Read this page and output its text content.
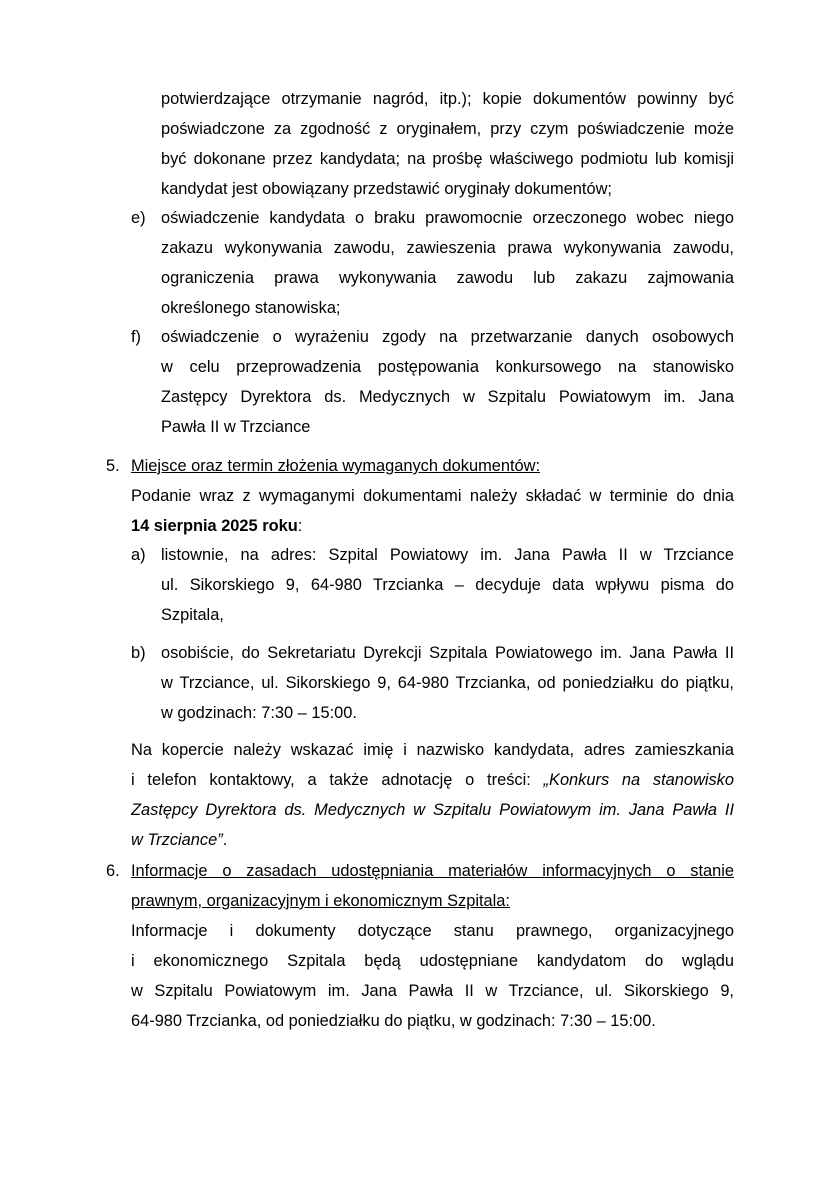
potwierdzające otrzymanie nagród, itp.); kopie dokumentów powinny być
poświadczone za zgodność z oryginałem, przy czym poświadczenie może
być dokonane przez kandydata; na prośbę właściwego podmiotu lub komisji
kandydat jest obowiązany przedstawić oryginały dokumentów;
e) oświadczenie kandydata o braku prawomocnie orzeczonego wobec niego
zakazu wykonywania zawodu, zawieszenia prawa wykonywania zawodu,
ograniczenia prawa wykonywania zawodu lub zakazu zajmowania
określonego stanowiska;
f) oświadczenie o wyrażeniu zgody na przetwarzanie danych osobowych
w celu przeprowadzenia postępowania konkursowego na stanowisko
Zastępcy Dyrektora ds. Medycznych w Szpitalu Powiatowym im. Jana
Pawła II w Trzciance
5. Miejsce oraz termin złożenia wymaganych dokumentów:
Podanie wraz z wymaganymi dokumentami należy składać w terminie do dnia
14 sierpnia 2025 roku:
a) listownie, na adres: Szpital Powiatowy im. Jana Pawła II w Trzciance
ul. Sikorskiego 9, 64-980 Trzcianka – decyduje data wpływu pisma do
Szpitala,
b) osobiście, do Sekretariatu Dyrekcji Szpitala Powiatowego im. Jana Pawła II
w Trzciance, ul. Sikorskiego 9, 64-980 Trzcianka, od poniedziałku do piątku,
w godzinach: 7:30 – 15:00.
Na kopercie należy wskazać imię i nazwisko kandydata, adres zamieszkania
i telefon kontaktowy, a także adnotację o treści: „Konkurs na stanowisko
Zastępcy Dyrektora ds. Medycznych w Szpitalu Powiatowym im. Jana Pawła II
w Trzciance”.
6. Informacje o zasadach udostępniania materiałów informacyjnych o stanie
prawnym, organizacyjnym i ekonomicznym Szpitala:
Informacje i dokumenty dotyczące stanu prawnego, organizacyjnego
i ekonomicznego Szpitala będą udostępniane kandydatom do wglądu
w Szpitalu Powiatowym im. Jana Pawła II w Trzciance, ul. Sikorskiego 9,
64-980 Trzcianka, od poniedziałku do piątku, w godzinach: 7:30 – 15:00.
